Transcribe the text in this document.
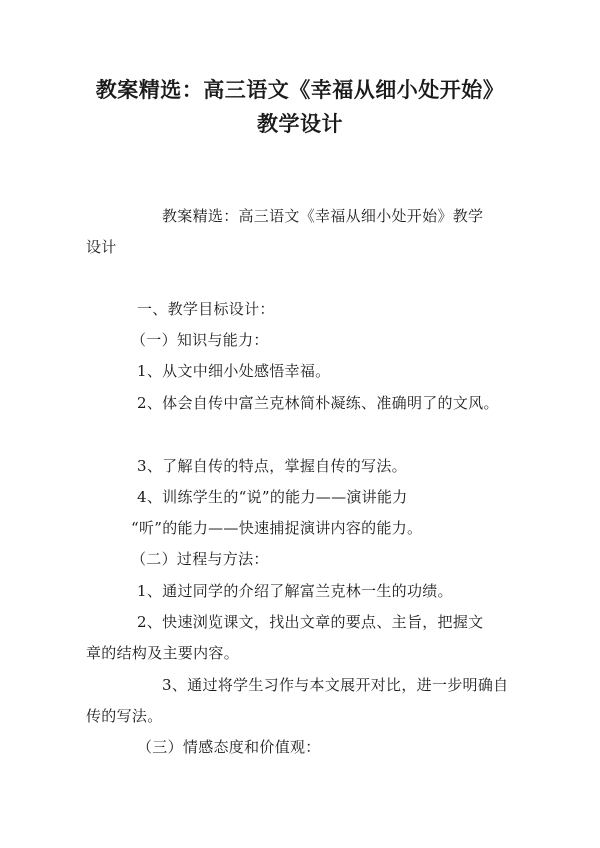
教案精选：高三语文《幸福从细小处开始》
教学设计
教案精选：高三语文《幸福从细小处开始》教学
设计
一、教学目标设计：
（一）知识与能力：
1、从文中细小处感悟幸福。
2、体会自传中富兰克林简朴凝练、准确明了的文风。
3、了解自传的特点，掌握自传的写法。
4、训练学生的“说”的能力——演讲能力
“听”的能力——快速捕捉演讲内容的能力。
（二）过程与方法：
1、通过同学的介绍了解富兰克林一生的功绩。
2、快速浏览课文，找出文章的要点、主旨，把握文
章的结构及主要内容。
3、通过将学生习作与本文展开对比，进一步明确自
传的写法。
（三）情感态度和价值观：
